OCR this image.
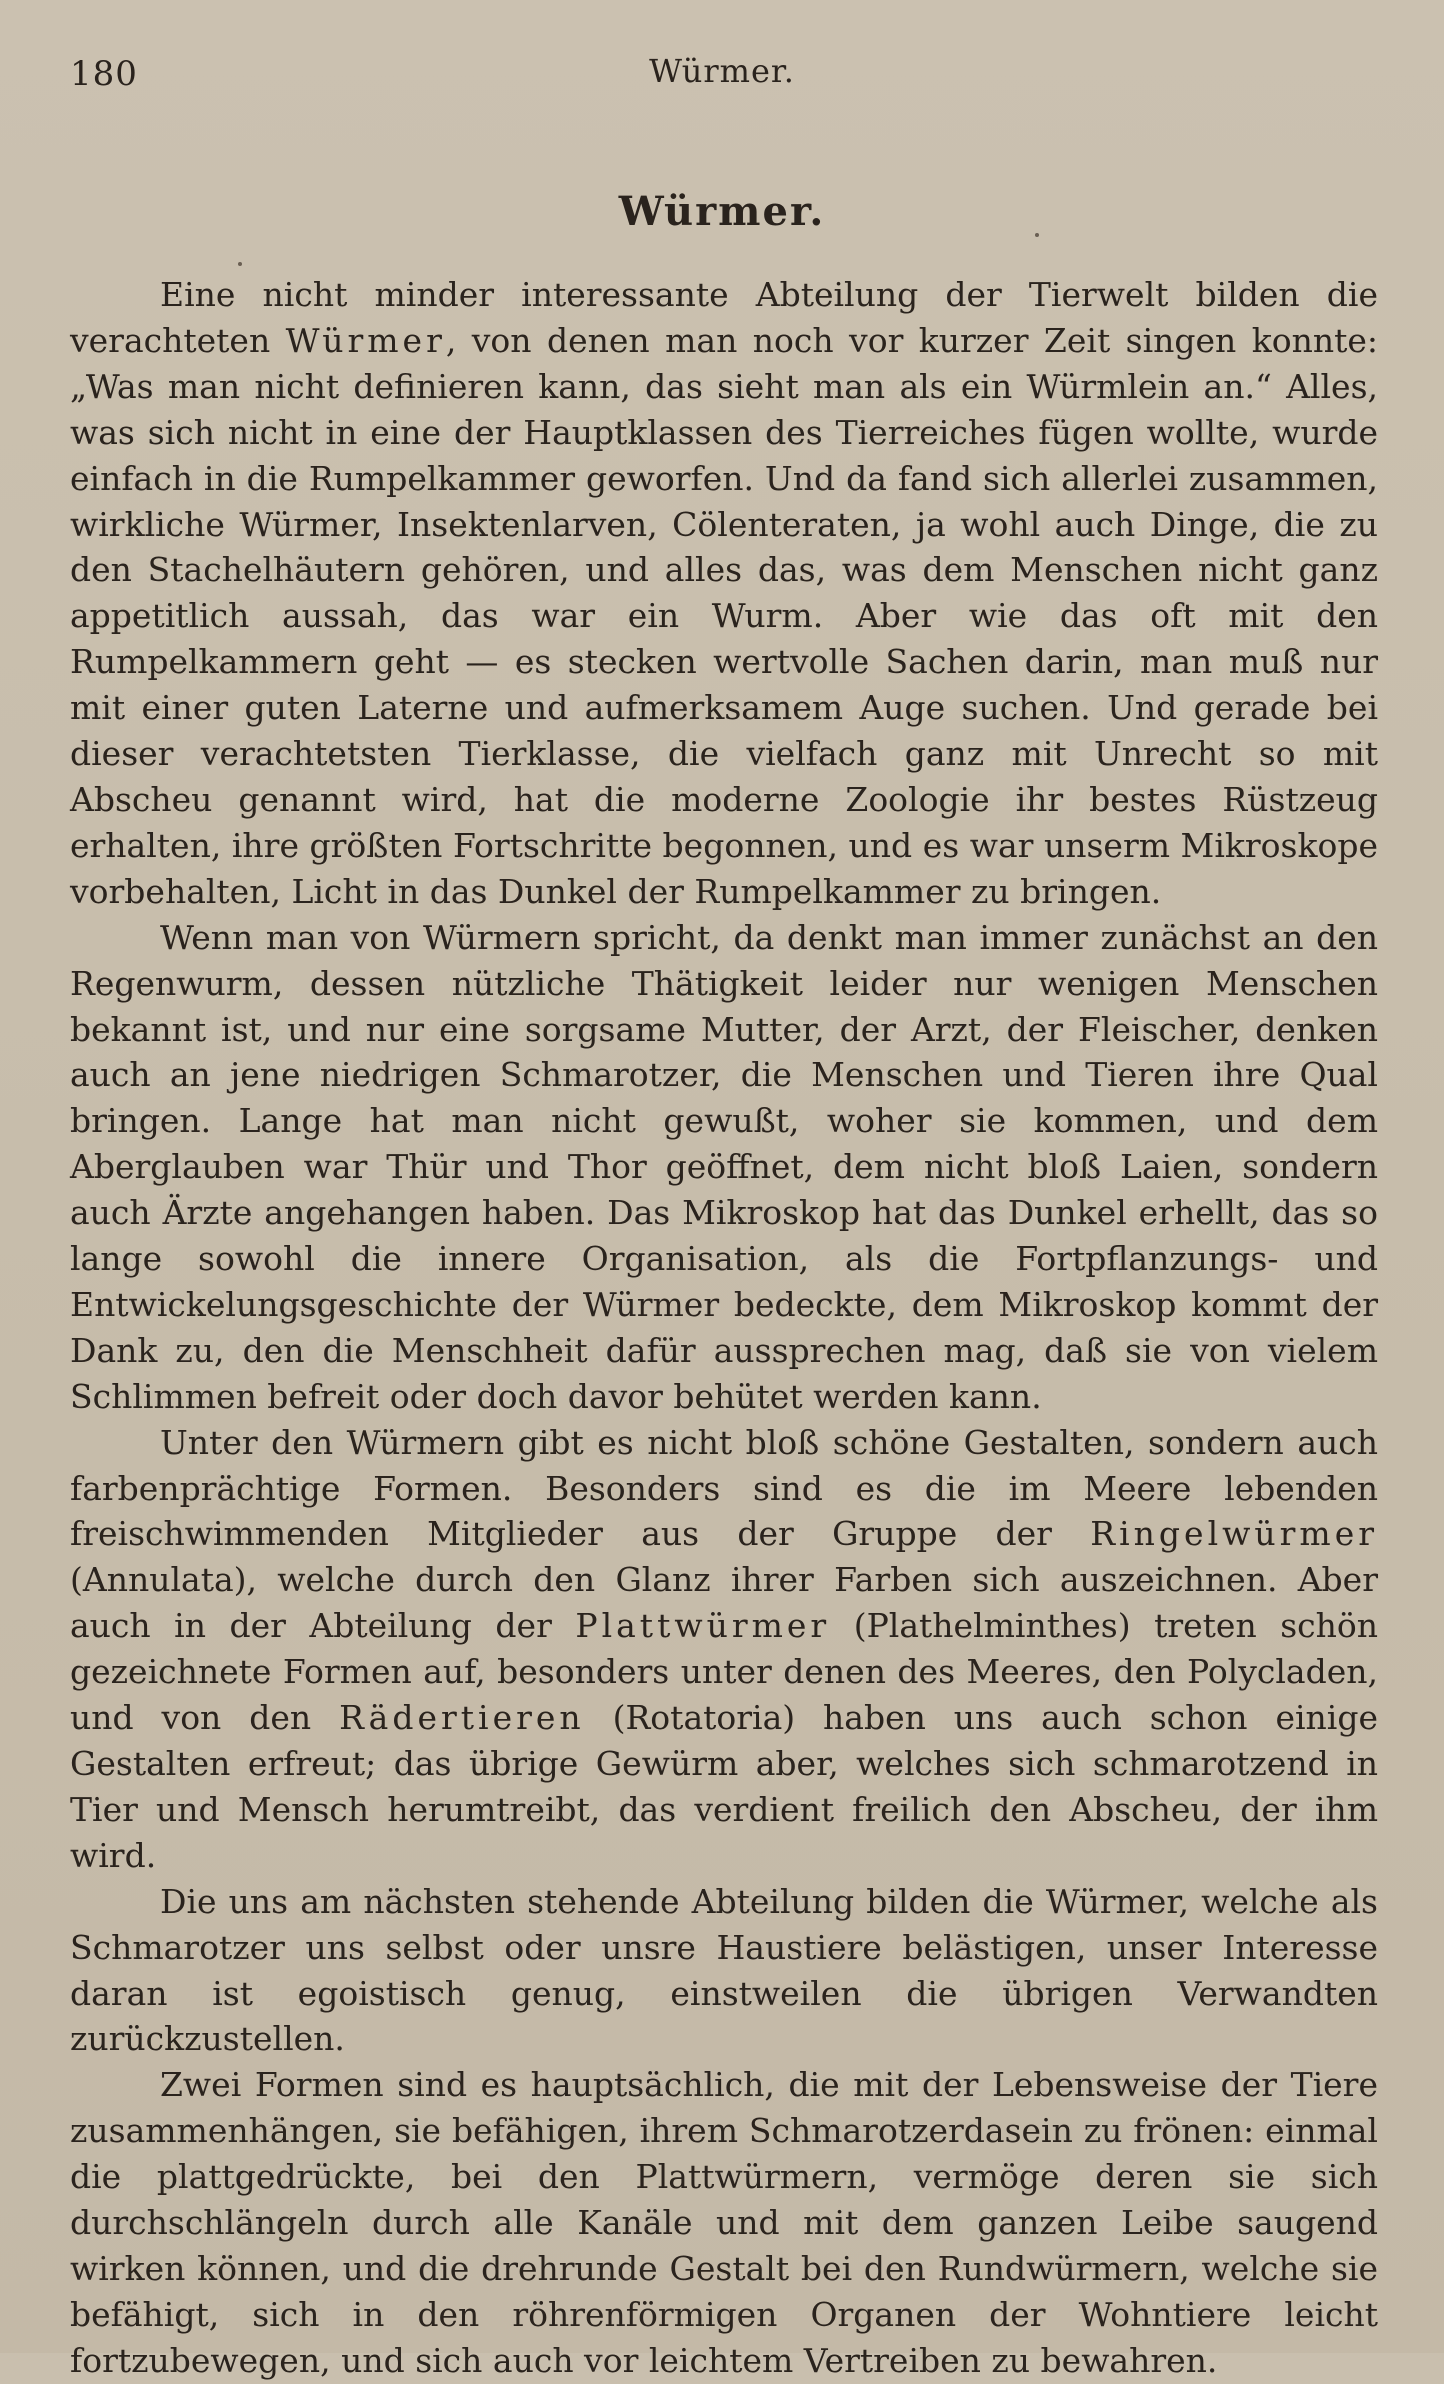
180	Würmer.
Würmer.

Eine nicht minder interessante Abteilung der Tierwelt bilden die verachteten Würmer, von denen man noch vor kurzer Zeit singen konnte: „Was man nicht definieren kann, das sieht man als ein Würmlein an.“ Alles, was sich nicht in eine der Hauptklassen des Tierreiches fügen wollte, wurde einfach in die Rumpelkammer geworfen. Und da fand sich allerlei zusammen, wirkliche Würmer, Insektenlarven, Cölenteraten, ja wohl auch Dinge, die zu den Stachelhäutern gehören, und alles das, was dem Menschen nicht ganz appetitlich aussah, das war ein Wurm. Aber wie das oft mit den Rumpelkammern geht — es stecken wertvolle Sachen darin, man muß nur mit einer guten Laterne und aufmerksamem Auge suchen. Und gerade bei dieser verachtetsten Tierklasse, die vielfach ganz mit Unrecht so mit Abscheu genannt wird, hat die moderne Zoologie ihr bestes Rüstzeug erhalten, ihre größten Fortschritte begonnen, und es war unserm Mikroskope vorbehalten, Licht in das Dunkel der Rumpelkammer zu bringen.

Wenn man von Würmern spricht, da denkt man immer zunächst an den Regenwurm, dessen nützliche Thätigkeit leider nur wenigen Menschen bekannt ist, und nur eine sorgsame Mutter, der Arzt, der Fleischer, denken auch an jene niedrigen Schmarotzer, die Menschen und Tieren ihre Qual bringen. Lange hat man nicht gewußt, woher sie kommen, und dem Aberglauben war Thür und Thor geöffnet, dem nicht bloß Laien, sondern auch Ärzte angehangen haben. Das Mikroskop hat das Dunkel erhellt, das so lange sowohl die innere Organisation, als die Fortpflanzungs- und Entwickelungsgeschichte der Würmer bedeckte, dem Mikroskop kommt der Dank zu, den die Menschheit dafür aussprechen mag, daß sie von vielem Schlimmen befreit oder doch davor behütet werden kann.

Unter den Würmern gibt es nicht bloß schöne Gestalten, sondern auch farbenprächtige Formen. Besonders sind es die im Meere lebenden freischwimmenden Mitglieder aus der Gruppe der Ringelwürmer (Annulata), welche durch den Glanz ihrer Farben sich auszeichnen. Aber auch in der Abteilung der Plattwürmer (Plathelminthes) treten schön gezeichnete Formen auf, besonders unter denen des Meeres, den Polycladen, und von den Rädertieren (Rotatoria) haben uns auch schon einige Gestalten erfreut; das übrige Gewürm aber, welches sich schmarotzend in Tier und Mensch herumtreibt, das verdient freilich den Abscheu, der ihm wird.

Die uns am nächsten stehende Abteilung bilden die Würmer, welche als Schmarotzer uns selbst oder unsre Haustiere belästigen, unser Interesse daran ist egoistisch genug, einstweilen die übrigen Verwandten zurückzustellen.

Zwei Formen sind es hauptsächlich, die mit der Lebensweise der Tiere zusammenhängen, sie befähigen, ihrem Schmarotzerdasein zu frönen: einmal die plattgedrückte, bei den Plattwürmern, vermöge deren sie sich durchschlängeln durch alle Kanäle und mit dem ganzen Leibe saugend wirken können, und die drehrunde Gestalt bei den Rundwürmern, welche sie befähigt, sich in den röhrenförmigen Organen der Wohntiere leicht fortzubewegen, und sich auch vor leichtem Vertreiben zu bewahren.
